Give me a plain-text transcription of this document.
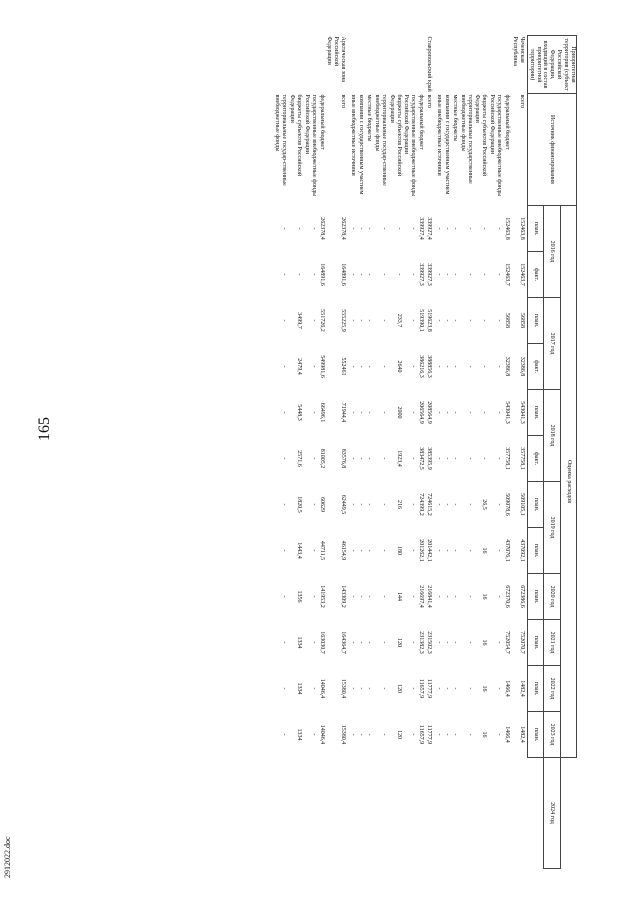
165
2912022.doc
Приоритетная территория (субъект Российской Федерации, входящий в состав приоритетной территории)	Источник финансирования	Оценка расходов												
		2016 год		2017 год		2018 год		2019 год		2020 год	2021 год	2022 год	2023 год	2024 год
		план.	факт.	план.	факт.	план.	факт.	план.	план.	план.	план.	план.	план.	
Чеченская Республика	всего	152463,8	152463,7	56858	32386,8	543041,3	357758,1	509105,1	437092,1	672386,6	752070,7	1482,4	1482,4	
	федеральный бюджет	152463,8	152463,7	56858	32386,8	543041,3	357758,1	509078,6	437076,1	672370,6	752054,7	1466,4	1466,4	
	государственные внебюджетные фонды Российской Федерации	-	-	-	-	-	-	-	-	-	-	-	-	
	бюджеты субъектов Российской Федерации	-	-	-	-	-	-	26,5	16	16	16	16	16	
	территориальные государственные внебюджетные фонды	-	-	-	-	-	-	-	-	-	-	-	-	
	местные бюджеты	-	-	-	-	-	-	-	-	-	-	-	-	
	компании с государственным участием	-	-	-	-	-	-	-	-	-	-	-	-	
	иные внебюджетные источники	-	-	-	-	-	-	-	-	-	-	-	-	
Ставропольский край	всего	339927,4	339927,3	519623,8	388856,3	208564,9	385395,9	724615,2	201442,1	216841,4	231502,3	11777,9	11777,9	
	федеральный бюджет	339927,4	339927,3	519390,1	386216,3	206564,9	383472,5	724399,2	201262,1	216697,4	231382,3	11657,9	11657,9	
	государственные внебюджетные фонды Российской Федерации	-	-	-	-	-	-	-	-	-	-	-	-	
	бюджеты субъектов Российской Федерации	-	-	233,7	2640	2000	1923,4	216	180	144	120	120	120	
	территориальные государ-ственные внебюджетные фонды	-	-	-	-	-	-	-	-	-	-	-	-	
	местные бюджеты	-	-	-	-	-	-	-	-	-	-	-	-	
	компании с государственным участием	-	-	-	-	-	-	-	-	-	-	-	-	
	иные внебюджетные источники	-	-	-	-	-	-	-	-	-	-	-	-	
Арктическая зона Российской Федерации	всего	262378,4	164891,6	555225,9	552461	71944,4	83576,8	62449,5	46154,9	143309,2	164364,7	15380,4	15380,4	
	федеральный бюджет	262378,4	164891,6	551726,2	549981,6	66496,1	81005,2	60629	44711,5	141953,2	163030,7	14046,4	14046,4	
	государственные внебюджетные фонды Российской Федерации	-	-	-	-	-	-	-	-	-	-	-	-	
	бюджеты субъектов Российской Федерации	-	-	3499,7	2479,4	5448,3	2571,6	1820,5	1443,4	1356	1334	1334	1334	
	территориальные государ-ственные внебюджетные фонды	-	-	-	-	-	-	-	-	-	-	-	-	
